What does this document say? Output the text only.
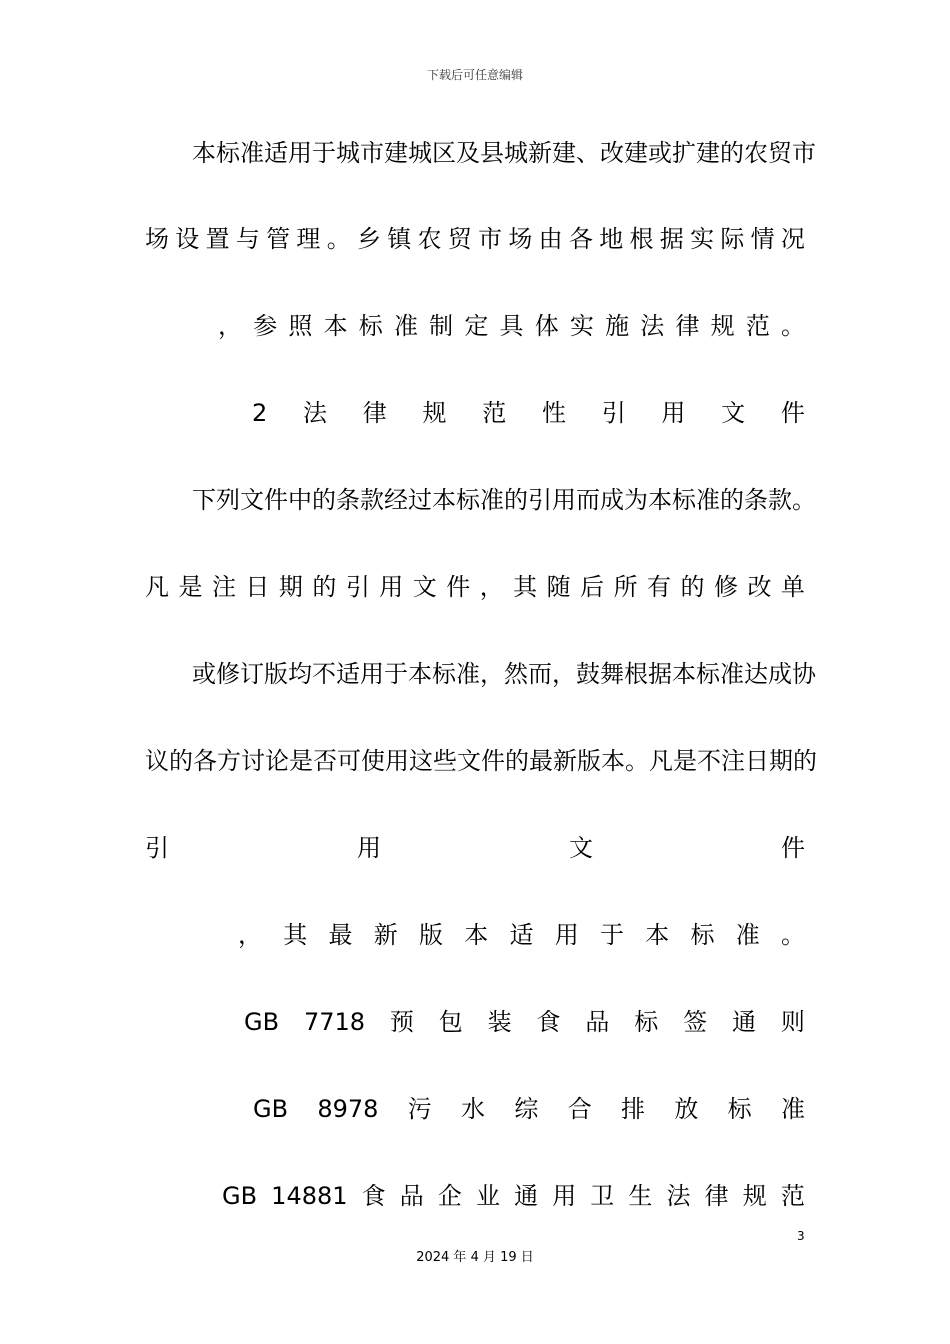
下载后可任意编辑
本标准适用于城市建城区及县城新建、改建或扩建的农贸市
场 设 置 与 管 理 。 乡 镇 农 贸 市 场 由 各 地 根 据 实 际 情 况
， 参 照 本 标 准 制 定 具 体 实 施 法 律 规 范 。
2 法 律 规 范 性 引 用 文 件
下列文件中的条款经过本标准的引用而成为本标准的条款。
凡 是 注 日 期 的 引 用 文 件 ， 其 随 后 所 有 的 修 改 单
或修订版均不适用于本标准，然而，鼓舞根据本标准达成协
议的各方讨论是否可使用这些文件的最新版本。凡是不注日期的
引	用	文	件
， 其 最 新 版 本 适 用 于 本 标 准 。
GB 7718 预 包 装 食 品 标 签 通 则
GB 8978 污 水 综 合 排 放 标 准
GB 14881 食 品 企 业 通 用 卫 生 法 律 规 范
3
2024 年 4 月 19 日
